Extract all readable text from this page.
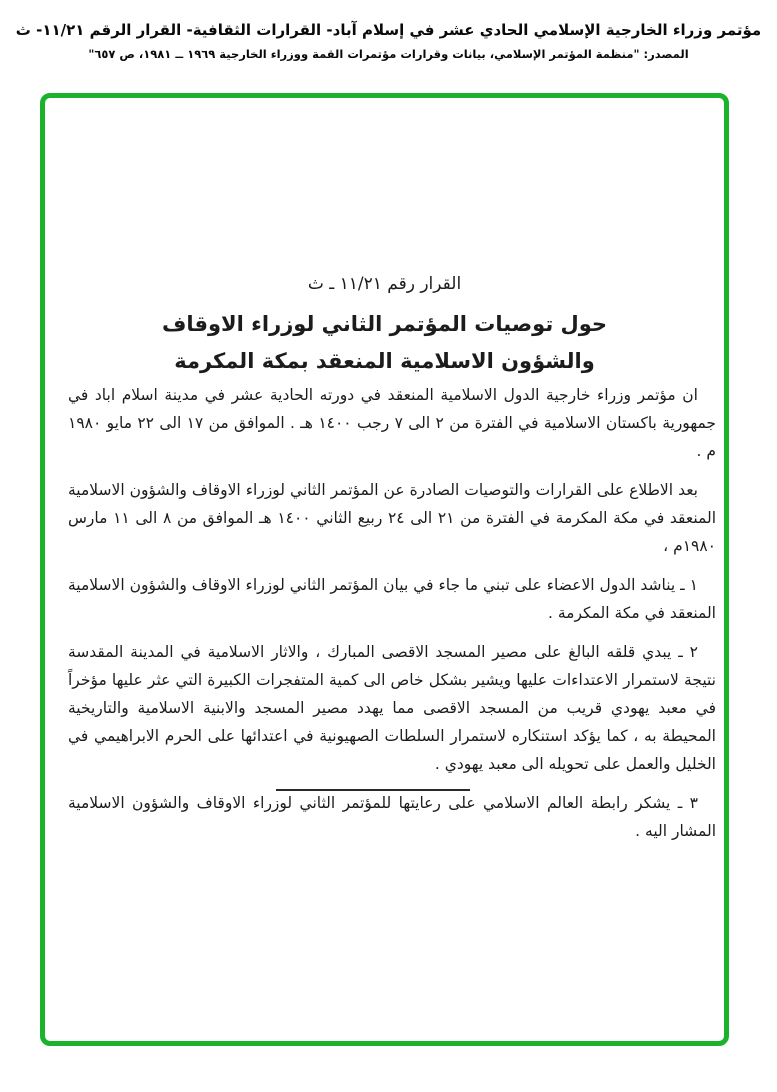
مؤتمر وزراء الخارجية الإسلامي الحادي عشر في إسلام آباد- القرارات الثقافية- القرار الرقم ١١/٢١- ث
المصدر: "منظمة المؤتمر الإسلامي، بيانات وقرارات مؤتمرات القمة ووزراء الخارجية ١٩٦٩ ــ ١٩٨١، ص ٦٥٧"
القرار رقم ١١/٢١ ـ ث
حول توصيات المؤتمر الثاني لوزراء الاوقاف
والشؤون الاسلامية المنعقد بمكة المكرمة

ان مؤتمر وزراء خارجية الدول الاسلامية المنعقد في دورته الحادية عشر في مدينة اسلام اباد في جمهورية باكستان الاسلامية في الفترة من ٢ الى ٧ رجب ١٤٠٠ هـ . الموافق من ١٧ الى ٢٢ مايو ١٩٨٠ م .

بعد الاطلاع على القرارات والتوصيات الصادرة عن المؤتمر الثاني لوزراء الاوقاف والشؤون الاسلامية المنعقد في مكة المكرمة في الفترة من ٢١ الى ٢٤ ربيع الثاني ١٤٠٠ هـ الموافق من ٨ الى ١١ مارس ١٩٨٠م ،

١ ـ يناشد الدول الاعضاء على تبني ما جاء في بيان المؤتمر الثاني لوزراء الاوقاف والشؤون الاسلامية المنعقد في مكة المكرمة .

٢ ـ يبدي قلقه البالغ على مصير المسجد الاقصى المبارك ، والاثار الاسلامية في المدينة المقدسة نتيجة لاستمرار الاعتداءات عليها ويشير بشكل خاص الى كمية المتفجرات الكبيرة التي عثر عليها مؤخراً في معبد يهودي قريب من المسجد الاقصى مما يهدد مصير المسجد والابنية الاسلامية والتاريخية المحيطة به ، كما يؤكد استنكاره لاستمرار السلطات الصهيونية في اعتدائها على الحرم الابراهيمي في الخليل والعمل على تحويله الى معبد يهودي .

٣ ـ يشكر رابطة العالم الاسلامي على رعايتها للمؤتمر الثاني لوزراء الاوقاف والشؤون الاسلامية المشار اليه .
